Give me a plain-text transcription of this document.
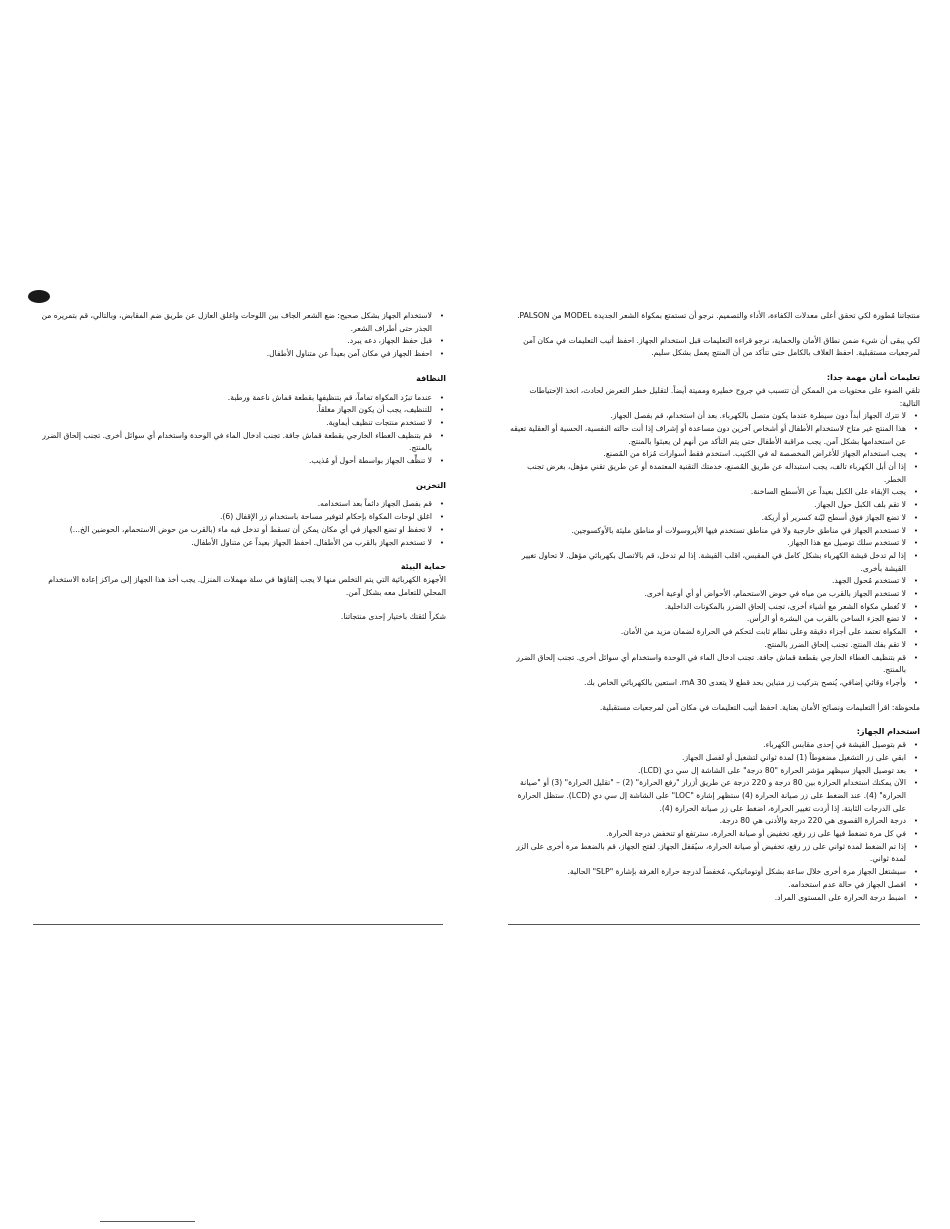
• لاستخدام الجهاز بشكل صحيح: ضع الشعر الجاف بين اللوحات واغلق العازل عن طريق ضم المقابض، وبالتالي، قم بتمريره من الجذر حتى أطراف الشعر.
• قبل حفظ الجهاز، دعه يبرد.
• احفظ الجهاز في مكان آمن بعيداً عن متناول الأطفال.
النظافة
• عندما تبرُد المكواة تماماً، قم بتنظيفها بقطعة قماش ناعمة ورطبة.
• للتنظيف، يجب أن يكون الجهاز مغلقاً.
• لا تستخدم منتجات تنظيف أيماوية.
• قم بتنظيف الغطاء الخارجي بقطعة قماش جافة. تجنب ادخال الماء في الوحدة واستخدام أي سوائل أخرى. تجنب إلحاق الضرر بالمنتج.
• لا تنظِّف الجهاز بواسطة أحول أو مُذيب.
التخزين
• قم بفصل الجهاز دائماً بعد استخدامه.
• اغلق لوحات المكواة بإحكام لتوفير مساحة باستخدام زر الإقفال (6).
• لا تحفظ او تضع الجهاز في أي مكان يمكن أن تسقط أو تدخل فيه ماء (بالقرب من حوض الاستحمام، الحوضين الخ...)
• لا تستخدم الجهاز بالقرب من الأطفال. احفظ الجهاز بعيداً عن متناول الأطفال.
حماية البيئة

الأجهزة الكهربائية التي يتم التخلص منها لا يجب إلقاؤها في سلة مهملات المنزل. يجب أخذ هذا الجهاز إلى مراكز إعادة الاستخدام المحلي للتعامل معه بشكل آمن.

شكراً لثقتك باختيار إحدى منتجاتنا.

منتجاتنا مُطورة لكي تحقق أعلى معدلات الكفاءة، الأداء والتصميم. نرجو أن تستمتع بمكواة الشعر الجديدة MODEL من PALSON.

لكي يبقى أن شيء ضمن نطاق الأمان والحماية، نرجو قراءة التعليمات قبل استخدام الجهاز. احفظ أتيب التعليمات في مكان آمن لمرجعيات مستقبلية. احفظ الغلاف بالكامل حتى تتأكد من أن المنتج يعمل بشكل سليم.

تعليمات أمان مهمة جدا:

تلقي الضوء على محتويات من الممكن أن تتسبب في جروح خطيرة ومميتة أيضاً. لتقليل خطر التعرض لحادث، اتخذ الإحتياطات التالية:

• لا تترك الجهاز أبداً دون سيطرة عندما يكون متصل بالكهرباء. بعد أن استخدام، قم بفصل الجهاز.
• هذا المنتج غير متاح لاستخدام الأطفال أو أشخاص آخرين دون مساعدة أو إشراف إذا أنت حالته النفسية، الحسية أو العقلية تعيقه عن استخدامها بشكل آمن. يجب مراقبة الأطفال حتى يتم التأكد من أنهم لن يعبثوا بالمنتج.
• يجب استخدام الجهاز للأغراض المخصصة له في الكتيب. استخدم فقط أسوارات مُزاة من المُصنع.
• إذا أن أبل الكهرباء تالف، يجب استبداله عن طريق المُصنع، خدمتك التقنية المعتمدة أو عن طريق تقني مؤهل، بغرض تجنب الخطر.
• يجب الإبقاء على الكبل بعيداً عن الأسطح الساخنة.
• لا تقم بلف الكبل حول الجهاز.
• لا تضع الجهاز فوق أسطح ليّنة كسرير أو أريكة.
• لا تستخدم الجهاز في مناطق خارجية ولا في مناطق تستخدم فيها الأيروسولات أو مناطق مليئة بالأوكسوجين.
• لا تستخدم سلك توصيل مع هذا الجهاز.
• إذا لم تدخل قيشة الكهرباء بشكل كامل في المقبس، اقلب القيشة. إذا لم تدخل، قم بالاتصال بكهربائي مؤهل. لا تحاول تغيير القيشة بأخرى.
• لا تستخدم مُحول الجهد.
• لا تستخدم الجهاز بالقرب من مياه في حوض الاستحمام، الأحواض أو أي أوعية أخرى.
• لا تُغطي مكواة الشعر مع أشياء أخرى، تجنب إلحاق الضرر بالمكونات الداخلية.
• لا تضع الجزء الساخن بالقرب من البشرة أو الرأس.
• المكواة تعتمد على أجزاء دقيقة وعلى نظام ثابت لتحكم في الحرارة لضمان مزيد من الأمان.
• لا تقم بفك المنتج. تجنب إلحاق الضرر بالمنتج.
• قم بتنظيف الغطاء الخارجي بقطعة قماش جافة. تجنب ادخال الماء في الوحدة واستخدام أي سوائل أخرى. تجنب إلحاق الضرر بالمنتج.
• وأجراء وقائي إضافي، يُنصح بتركيب زر متباين بحد قطع لا يتعدى 30 mA. استعين بالكهربائي الخاص بك.

ملحوظة: اقرأ التعليمات ونصائح الأمان بعناية. احفظ أتيب التعليمات في مكان آمن لمرجعيات مستقبلية.

استخدام الجهاز:
• قم بتوصيل القيشة في إحدى مقابس الكهرباء.
• ابقي على زر التشغيل مضغوطاً (1) لمدة ثواني لتشغيل أو لفصل الجهاز.
• بعد توصيل الجهاز سيظهر مؤشر الحرارة "80 درجة" على الشاشة إل سي دي (LCD).
• الآن يمكنك استخدام الحرارة بين 80 درجة و 220 درجة عن طريق أزرار "رفع الحرارة" (2) – "تقليل الحرارة" (3) أو "صيانة الحرارة" (4). عند الضغط على زر صيانة الحرارة (4) ستظهر إشارة "LOC" على الشاشة إل سي دي (LCD). ستظل الحرارة على الدرجات الثابتة. إذا أردت تغيير الحرارة، اضغط على زر صيانة الحرارة (4).
• درجة الحرارة القصوى هي 220 درجة والأدنى هي 80 درجة.
• في كل مرة تضغط فيها على زر رفع، تخفيض أو صيانة الحرارة، سترتفع او تنخفض درجة الحرارة.
• إذا تم الضغط لمدة ثواني على زر رفع، تخفيض أو صيانة الحرارة، سيُقفل الجهاز. لفتح الجهاز، قم بالضغط مرة أخرى على الزر لمدة ثواني.
• سيشتغل الجهاز مرة أخرى خلال ساعة بشكل أوتوماتيكي، مُخفضاً لدرجة حرارة الغرفة بإشارة "SLP" الحالية.
• افصل الجهاز في حالة عدم استخدامه.
• اضبط درجة الحرارة على المستوى المراد.
